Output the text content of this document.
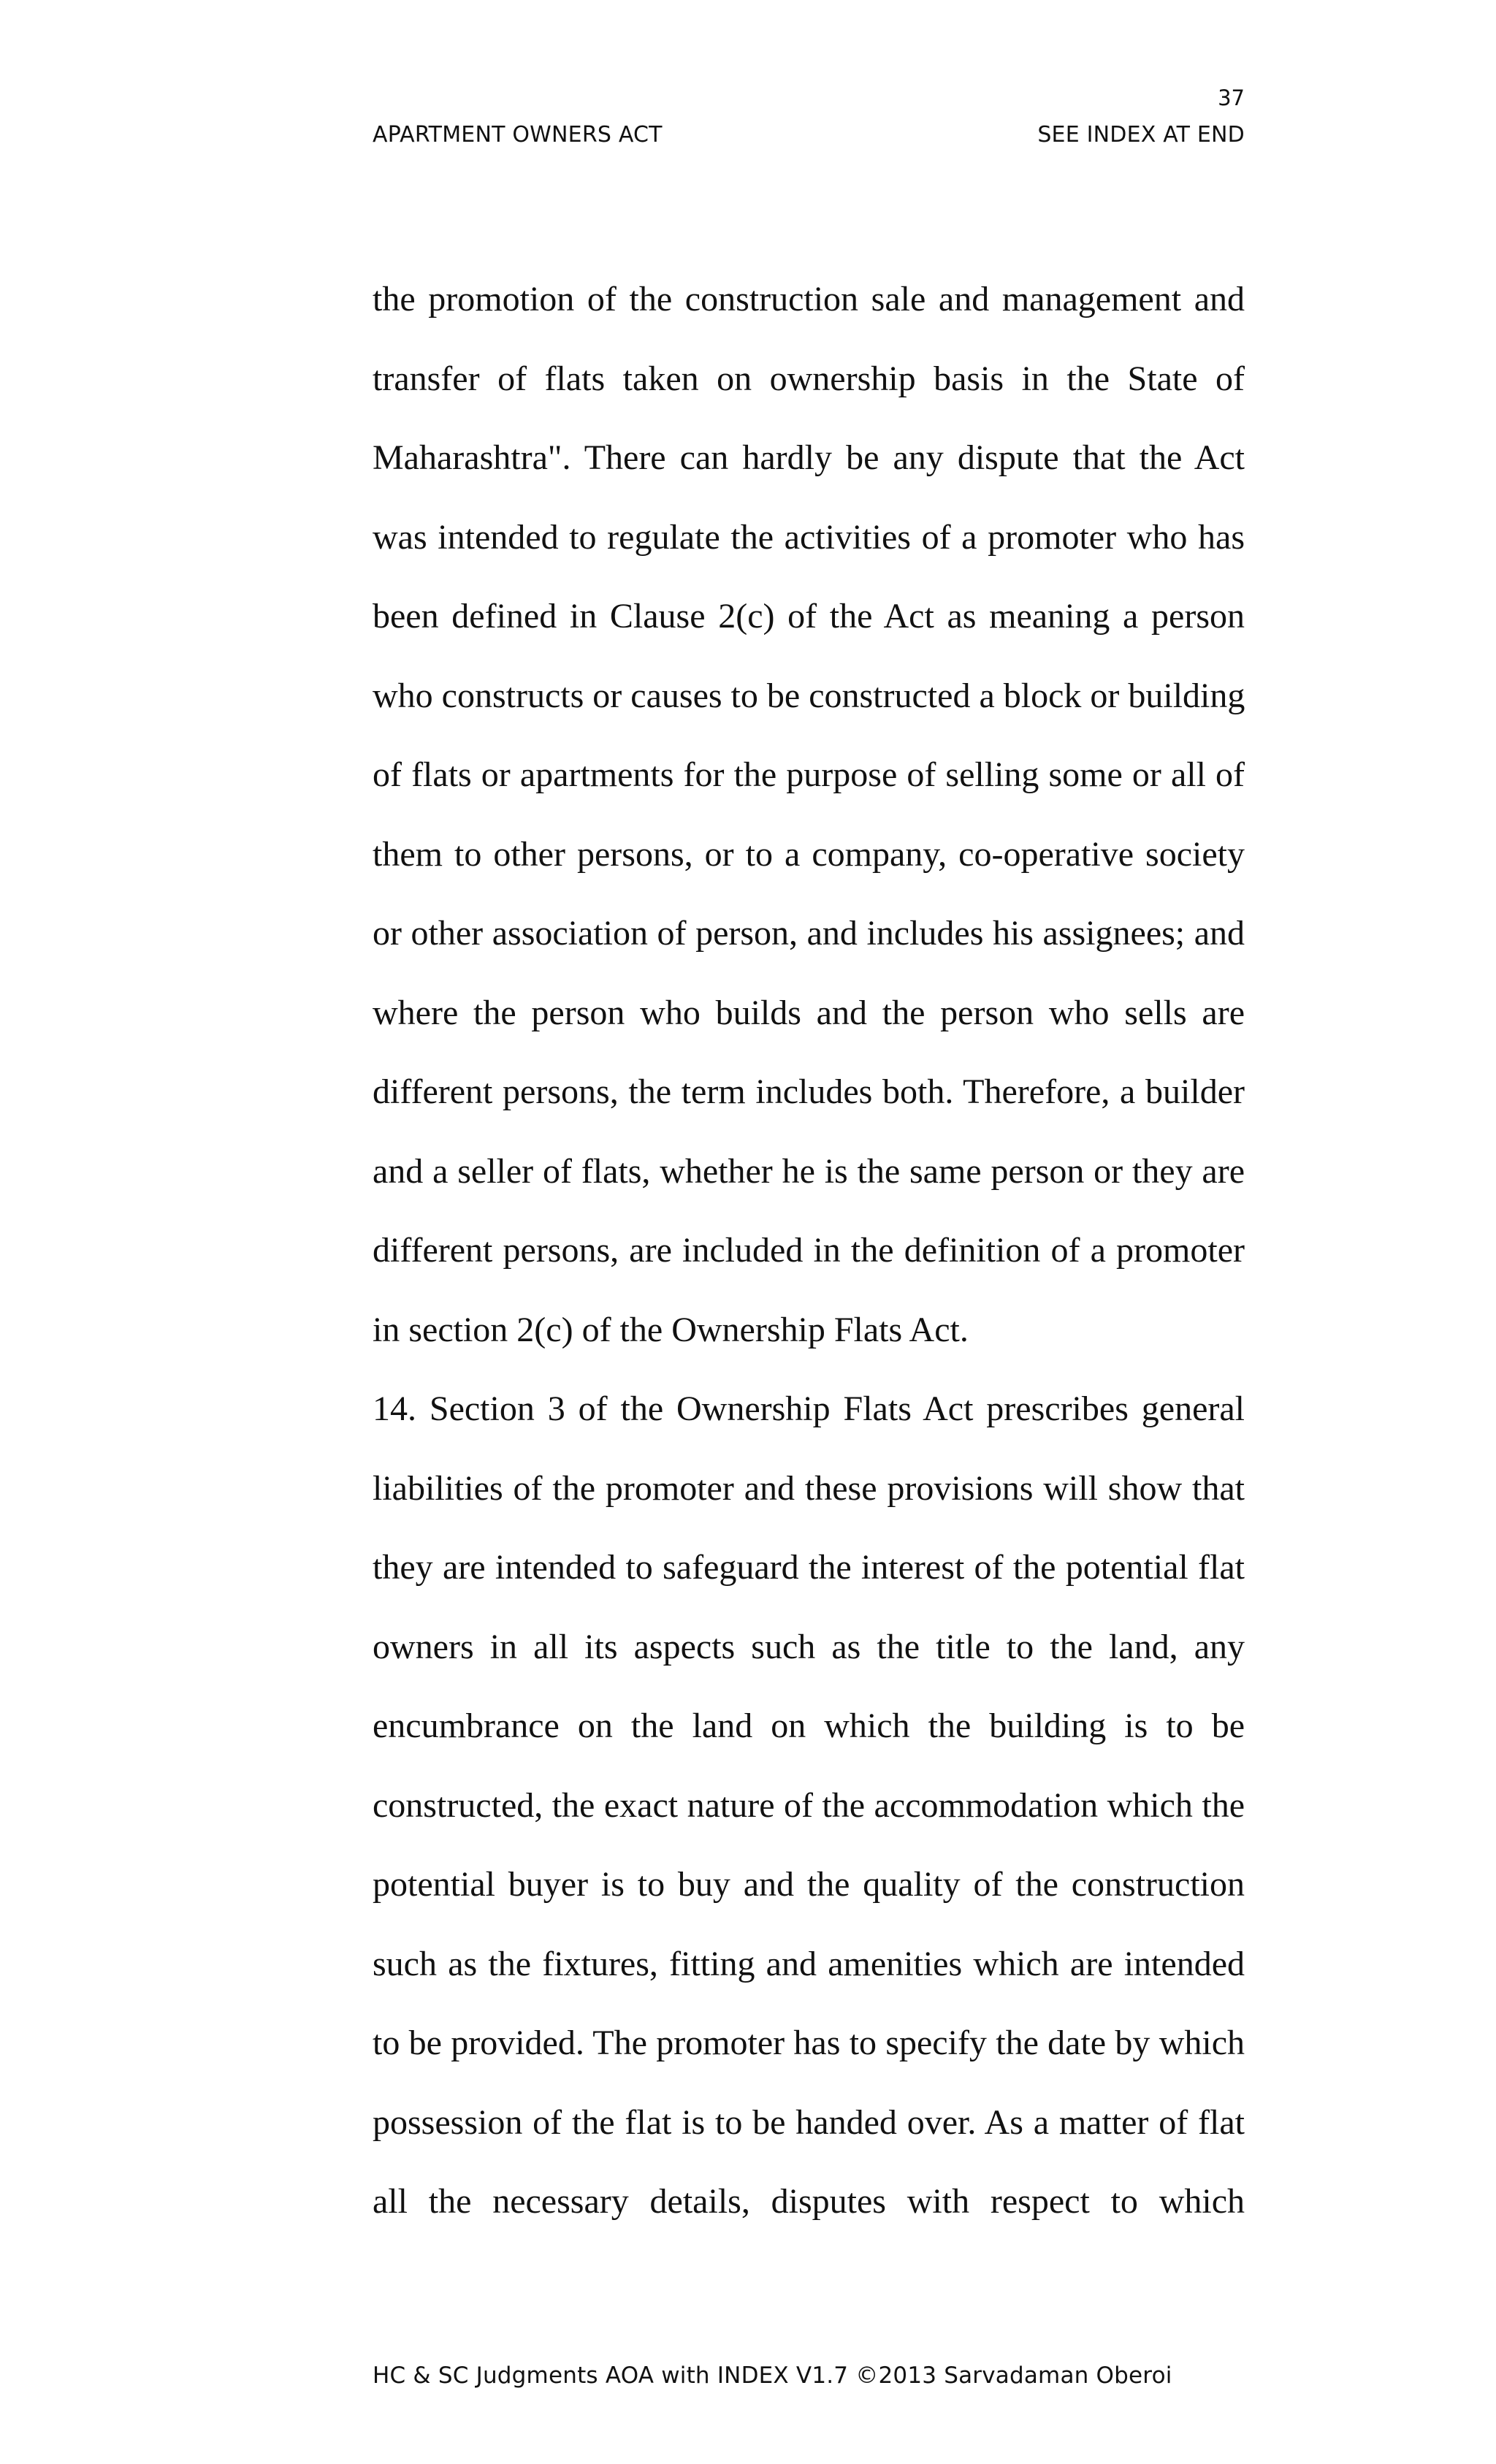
37
APARTMENT OWNERS ACT	SEE INDEX AT END
the promotion of the construction sale and management and
transfer of flats taken on ownership basis in the State of
Maharashtra". There can hardly be any dispute that the Act
was intended to regulate the activities of a promoter who has
been defined in Clause 2(c) of the Act as meaning a person
who constructs or causes to be constructed a block or building
of flats or apartments for the purpose of selling some or all of
them to other persons, or to a company, co-operative society
or other association of person, and includes his assignees; and
where the person who builds and the person who sells are
different persons, the term includes both. Therefore, a builder
and a seller of flats, whether he is the same person or they are
different persons, are included in the definition of a promoter
in section 2(c) of the Ownership Flats Act.
14. Section 3 of the Ownership Flats Act prescribes general
liabilities of the promoter and these provisions will show that
they are intended to safeguard the interest of the potential flat
owners in all its aspects such as the title to the land, any
encumbrance on the land on which the building is to be
constructed, the exact nature of the accommodation which the
potential buyer is to buy and the quality of the construction
such as the fixtures, fitting and amenities which are intended
to be provided. The promoter has to specify the date by which
possession of the flat is to be handed over. As a matter of flat
all the necessary details, disputes with respect to which
HC & SC Judgments AOA with INDEX V1.7 ©2013 Sarvadaman Oberoi
